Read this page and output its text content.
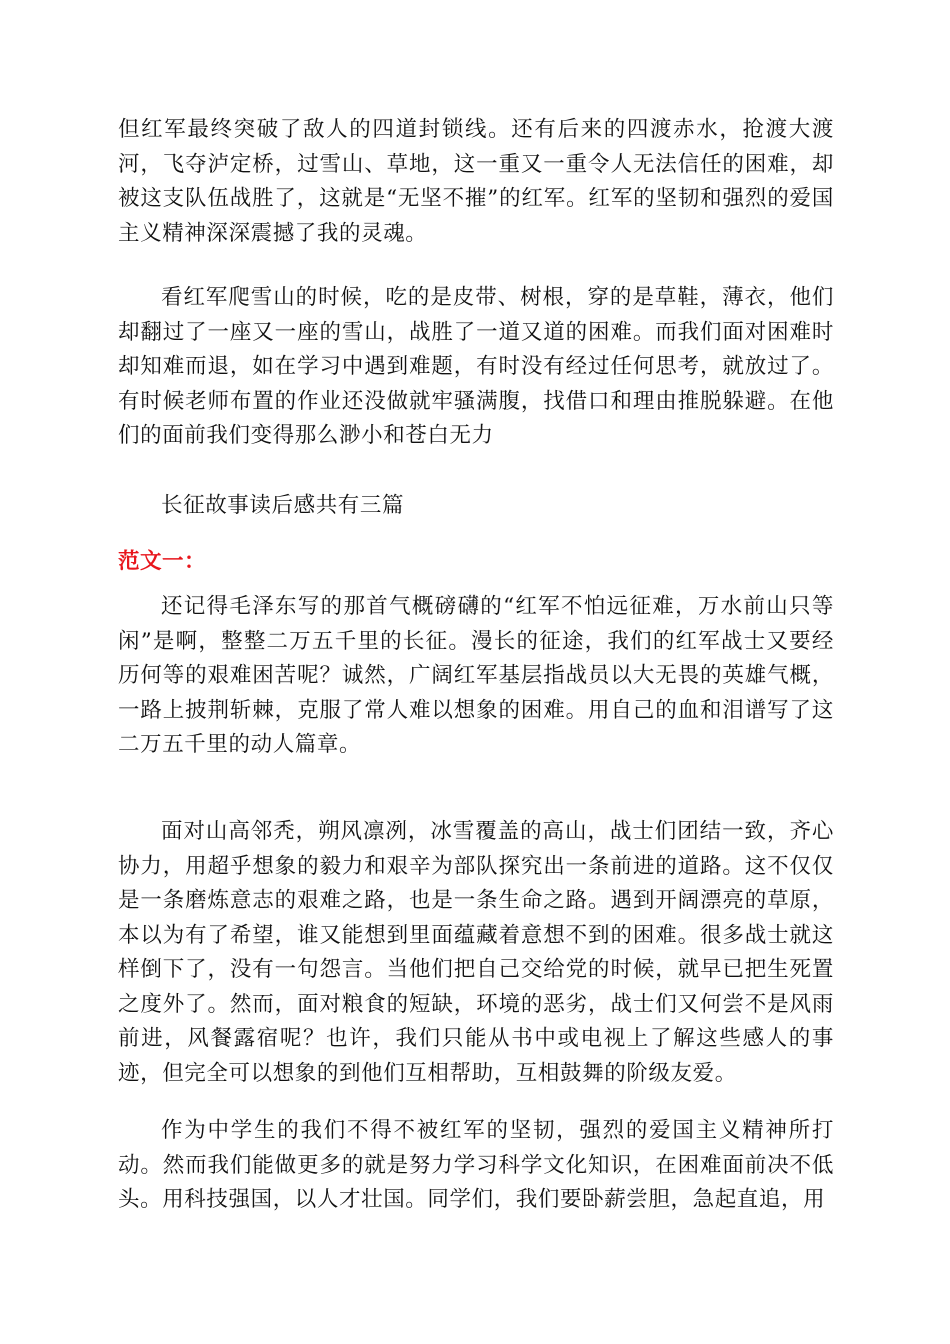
但红军最终突破了敌人的四道封锁线。还有后来的四渡赤水，抢渡大渡河，飞夺泸定桥，过雪山、草地，这一重又一重令人无法信任的困难，却被这支队伍战胜了，这就是“无坚不摧”的红军。红军的坚韧和强烈的爱国主义精神深深震撼了我的灵魂。

看红军爬雪山的时候，吃的是皮带、树根，穿的是草鞋，薄衣，他们却翻过了一座又一座的雪山，战胜了一道又道的困难。而我们面对困难时却知难而退，如在学习中遇到难题，有时没有经过任何思考，就放过了。有时候老师布置的作业还没做就牢骚满腹，找借口和理由推脱躲避。在他们的面前我们变得那么渺小和苍白无力

长征故事读后感共有三篇

范文一：

还记得毛泽东写的那首气概磅礴的“红军不怕远征难，万水前山只等闲”是啊，整整二万五千里的长征。漫长的征途，我们的红军战士又要经历何等的艰难困苦呢？诚然，广阔红军基层指战员以大无畏的英雄气概，一路上披荆斩棘，克服了常人难以想象的困难。用自己的血和泪谱写了这二万五千里的动人篇章。

面对山高邻秃，朔风凛冽，冰雪覆盖的高山，战士们团结一致，齐心协力，用超乎想象的毅力和艰辛为部队探究出一条前进的道路。这不仅仅是一条磨炼意志的艰难之路，也是一条生命之路。遇到开阔漂亮的草原，本以为有了希望，谁又能想到里面蕴藏着意想不到的困难。很多战士就这样倒下了，没有一句怨言。当他们把自己交给党的时候，就早已把生死置之度外了。然而，面对粮食的短缺，环境的恶劣，战士们又何尝不是风雨前进，风餐露宿呢？也许，我们只能从书中或电视上了解这些感人的事迹，但完全可以想象的到他们互相帮助，互相鼓舞的阶级友爱。

作为中学生的我们不得不被红军的坚韧，强烈的爱国主义精神所打动。然而我们能做更多的就是努力学习科学文化知识，在困难面前决不低头。用科技强国，以人才壮国。同学们，我们要卧薪尝胆，急起直追，用
